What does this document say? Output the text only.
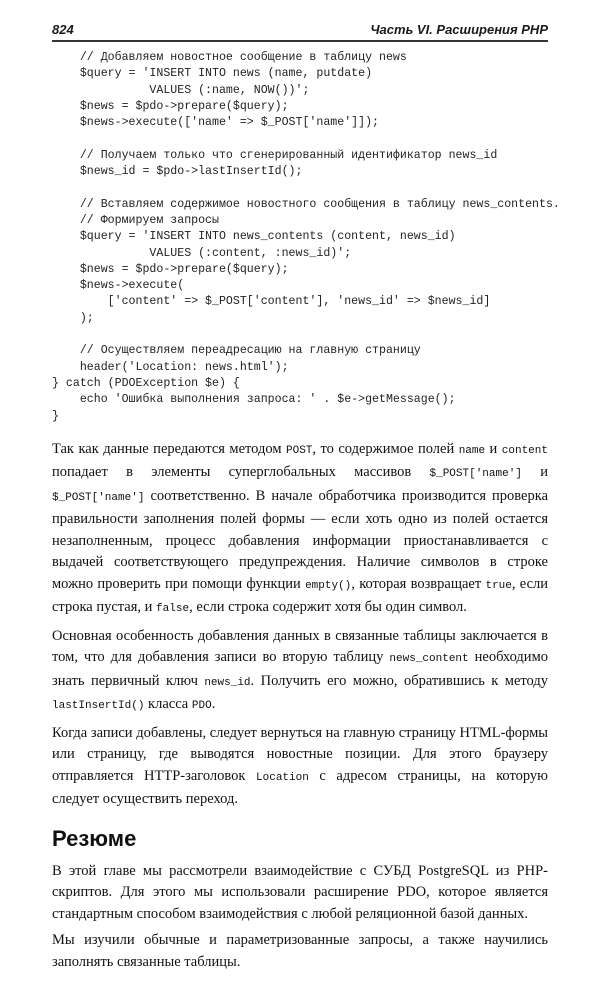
824	Часть VI. Расширения PHP
// Добавляем новостное сообщение в таблицу news
$query = 'INSERT INTO news (name, putdate)
VALUES (:name, NOW())';
$news = $pdo->prepare($query);
$news->execute(['name' => $_POST['name']]);

// Получаем только что сгенерированный идентификатор news_id
$news_id = $pdo->lastInsertId();

// Вставляем содержимое новостного сообщения в таблицу news_contents.
// Формируем запросы
$query = 'INSERT INTO news_contents (content, news_id)
VALUES (:content, :news_id)';
$news = $pdo->prepare($query);
$news->execute(
['content' => $_POST['content'], 'news_id' => $news_id]
);

// Осуществляем переадресацию на главную страницу
header('Location: news.html');
} catch (PDOException $e) {
echo 'Ошибка выполнения запроса: ' . $e->getMessage();
}

Так как данные передаются методом POST, то содержимое полей name и content попадает в элементы суперглобальных массивов $_POST['name'] и $_POST['name'] соответственно. В начале обработчика производится проверка правильности заполнения полей формы — если хоть одно из полей остается незаполненным, процесс добавления информации приостанавливается с выдачей соответствующего предупреждения. Наличие символов в строке можно проверить при помощи функции empty(), которая возвращает true, если строка пустая, и false, если строка содержит хотя бы один символ.

Основная особенность добавления данных в связанные таблицы заключается в том, что для добавления записи во вторую таблицу news_content необходимо знать первичный ключ news_id. Получить его можно, обратившись к методу lastInsertId() класса PDO.

Когда записи добавлены, следует вернуться на главную страницу HTML-формы или страницу, где выводятся новостные позиции. Для этого браузеру отправляется HTTP-заголовок Location с адресом страницы, на которую следует осуществить переход.

Резюме

В этой главе мы рассмотрели взаимодействие с СУБД PostgreSQL из PHP-скриптов. Для этого мы использовали расширение PDO, которое является стандартным способом взаимодействия с любой реляционной базой данных.

Мы изучили обычные и параметризованные запросы, а также научились заполнять связанные таблицы.
